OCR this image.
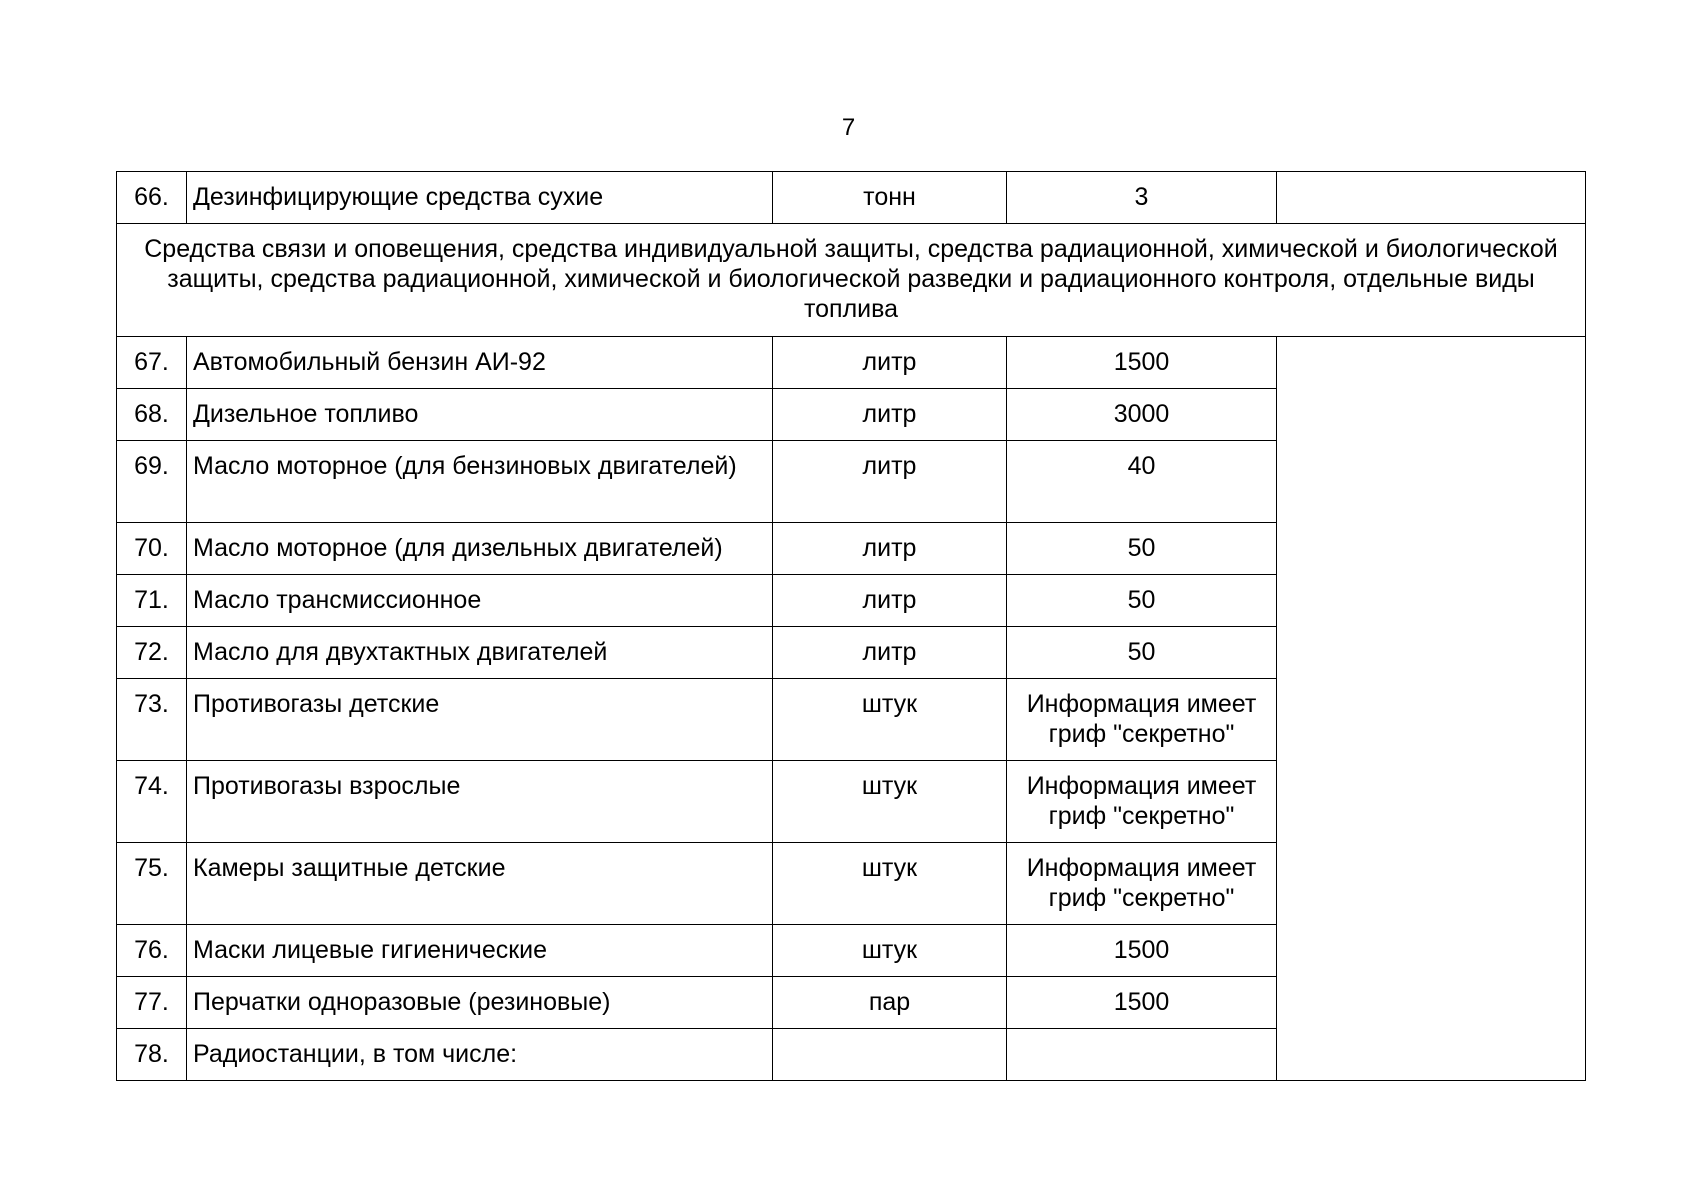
7
66.	Дезинфицирующие средства сухие	тонн	3	
Средства связи и оповещения, средства индивидуальной защиты, средства радиационной, химической и биологической защиты, средства радиационной, химической и биологической разведки и радиационного контроля, отдельные виды топлива				
67.	Автомобильный бензин АИ-92	литр	1500	
68.	Дизельное топливо	литр	3000	
69.	Масло моторное (для бензиновых двигателей)	литр	40	
70.	Масло моторное (для дизельных двигателей)	литр	50	
71.	Масло трансмиссионное	литр	50	
72.	Масло для двухтактных двигателей	литр	50	
73.	Противогазы детские	штук	Информация имеет гриф "секретно"	
74.	Противогазы взрослые	штук	Информация имеет гриф "секретно"	
75.	Камеры защитные детские	штук	Информация имеет гриф "секретно"	
76.	Маски лицевые гигиенические	штук	1500	
77.	Перчатки одноразовые (резиновые)	пар	1500	
78.	Радиостанции, в том числе:			
